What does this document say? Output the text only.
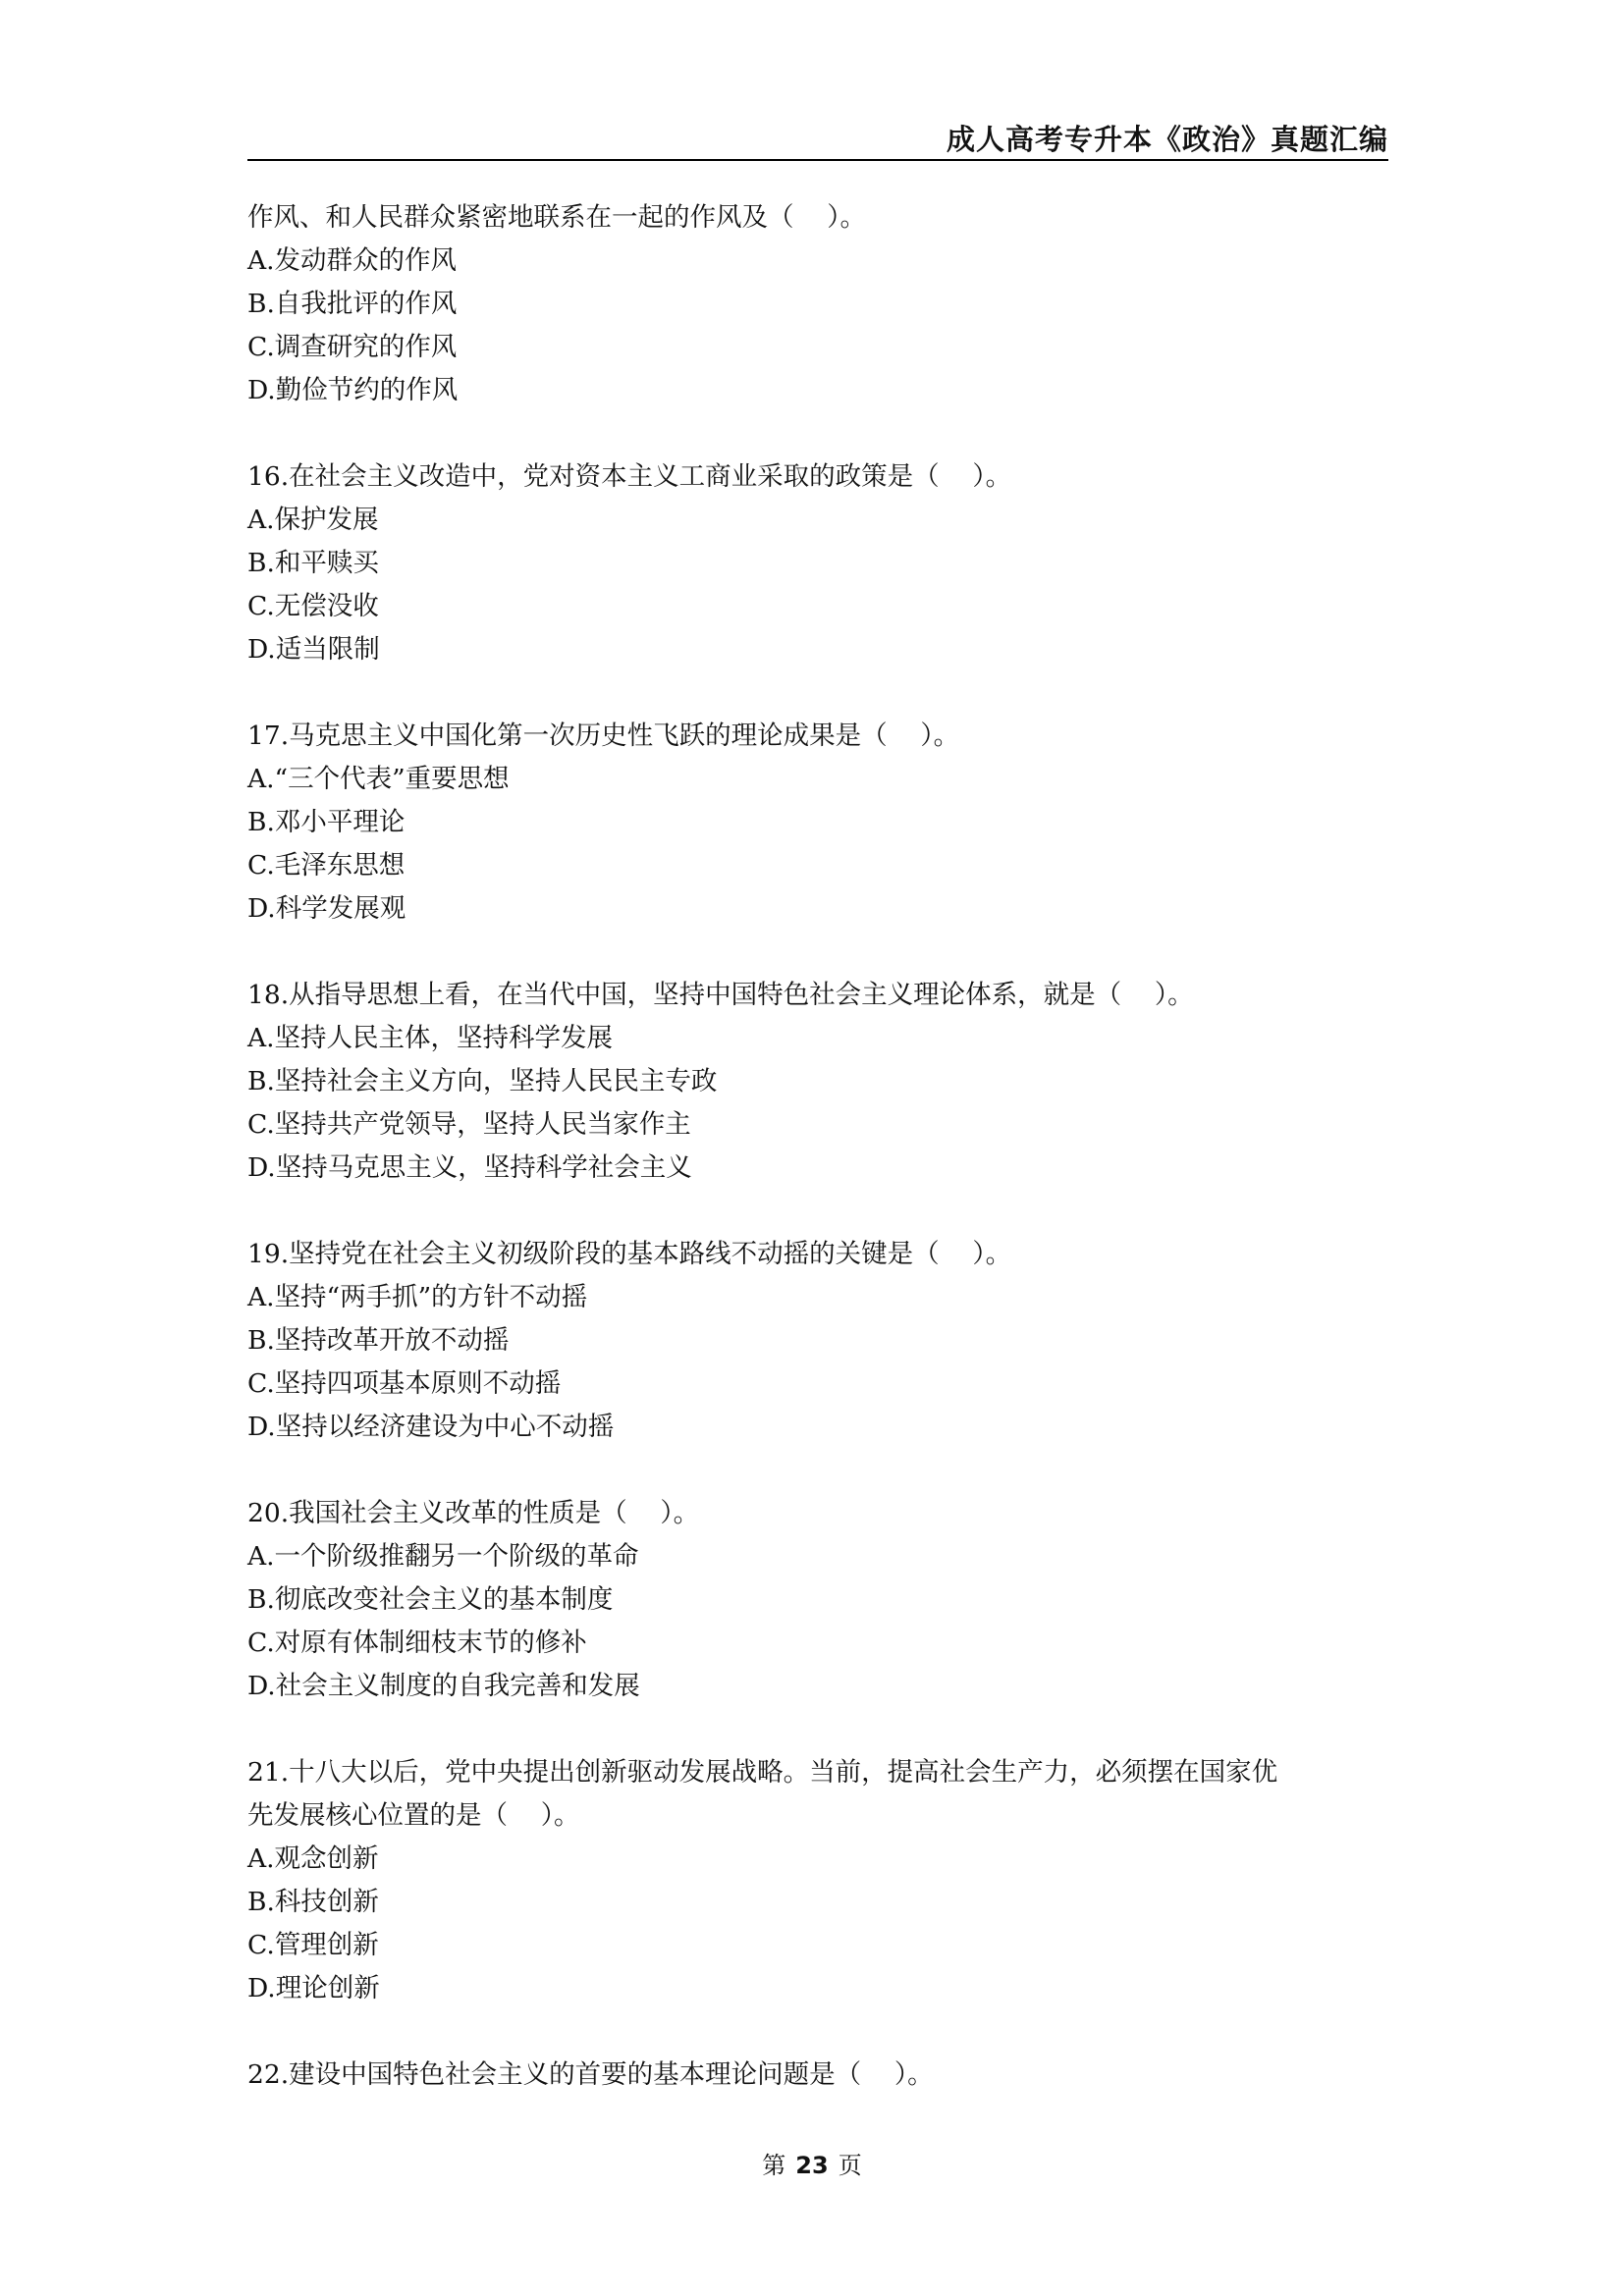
成人高考专升本《政治》真题汇编
作风、和人民群众紧密地联系在一起的作风及（    ）。
A.发动群众的作风
B.自我批评的作风
C.调查研究的作风
D.勤俭节约的作风
16.在社会主义改造中，党对资本主义工商业采取的政策是（    ）。
A.保护发展
B.和平赎买
C.无偿没收
D.适当限制
17.马克思主义中国化第一次历史性飞跃的理论成果是（    ）。
A.“三个代表”重要思想
B.邓小平理论
C.毛泽东思想
D.科学发展观
18.从指导思想上看，在当代中国，坚持中国特色社会主义理论体系，就是（    ）。
A.坚持人民主体，坚持科学发展
B.坚持社会主义方向，坚持人民民主专政
C.坚持共产党领导，坚持人民当家作主
D.坚持马克思主义，坚持科学社会主义
19.坚持党在社会主义初级阶段的基本路线不动摇的关键是（    ）。
A.坚持“两手抓”的方针不动摇
B.坚持改革开放不动摇
C.坚持四项基本原则不动摇
D.坚持以经济建设为中心不动摇
20.我国社会主义改革的性质是（    ）。
A.一个阶级推翻另一个阶级的革命
B.彻底改变社会主义的基本制度
C.对原有体制细枝末节的修补
D.社会主义制度的自我完善和发展
21.十八大以后，党中央提出创新驱动发展战略。当前，提高社会生产力，必须摆在国家优
先发展核心位置的是（    ）。
A.观念创新
B.科技创新
C.管理创新
D.理论创新
22.建设中国特色社会主义的首要的基本理论问题是（    ）。
第 23 页
